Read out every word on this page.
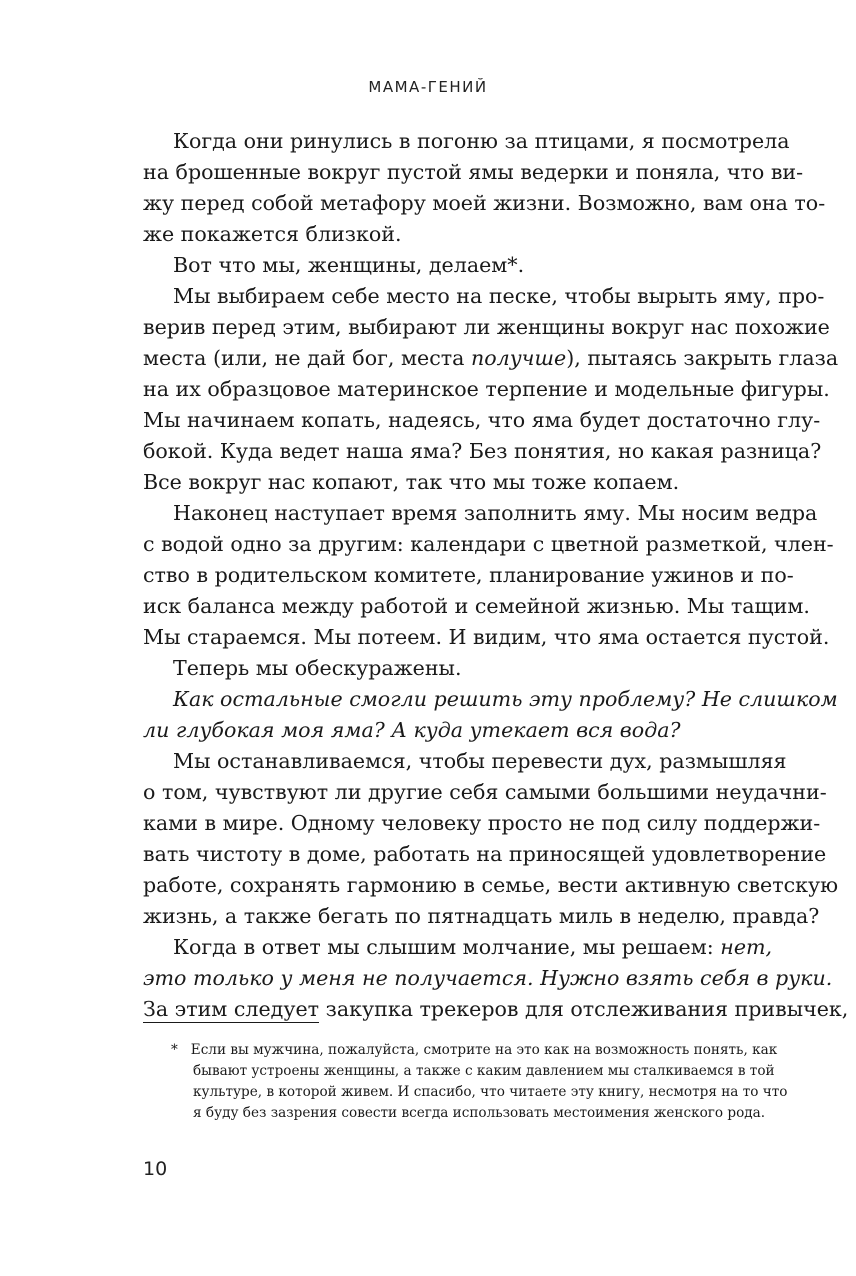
МАМА-ГЕНИЙ
Когда они ринулись в погоню за птицами, я посмотрела
на брошенные вокруг пустой ямы ведерки и поняла, что ви-
жу перед собой метафору моей жизни. Возможно, вам она то-
же покажется близкой.
Вот что мы, женщины, делаем*.
Мы выбираем себе место на песке, чтобы вырыть яму, про-
верив перед этим, выбирают ли женщины вокруг нас похожие
места (или, не дай бог, места получше), пытаясь закрыть глаза
на их образцовое материнское терпение и модельные фигуры.
Мы начинаем копать, надеясь, что яма будет достаточно глу-
бокой. Куда ведет наша яма? Без понятия, но какая разница?
Все вокруг нас копают, так что мы тоже копаем.
Наконец наступает время заполнить яму. Мы носим ведра
с водой одно за другим: календари с цветной разметкой, член-
ство в родительском комитете, планирование ужинов и по-
иск баланса между работой и семейной жизнью. Мы тащим.
Мы стараемся. Мы потеем. И видим, что яма остается пустой.
Теперь мы обескуражены.
Как остальные смогли решить эту проблему? Не слишком
ли глубокая моя яма? А куда утекает вся вода?
Мы останавливаемся, чтобы перевести дух, размышляя
о том, чувствуют ли другие себя самыми большими неудачни-
ками в мире. Одному человеку просто не под силу поддержи-
вать чистоту в доме, работать на приносящей удовлетворение
работе, сохранять гармонию в семье, вести активную светскую
жизнь, а также бегать по пятнадцать миль в неделю, правда?
Когда в ответ мы слышим молчание, мы решаем: нет,
это только у меня не получается. Нужно взять себя в руки.
За этим следует закупка трекеров для отслеживания привычек,
* Если вы мужчина, пожалуйста, смотрите на это как на возможность понять, как
бывают устроены женщины, а также с каким давлением мы сталкиваемся в той
культуре, в которой живем. И спасибо, что читаете эту книгу, несмотря на то что
я буду без зазрения совести всегда использовать местоимения женского рода.
10
